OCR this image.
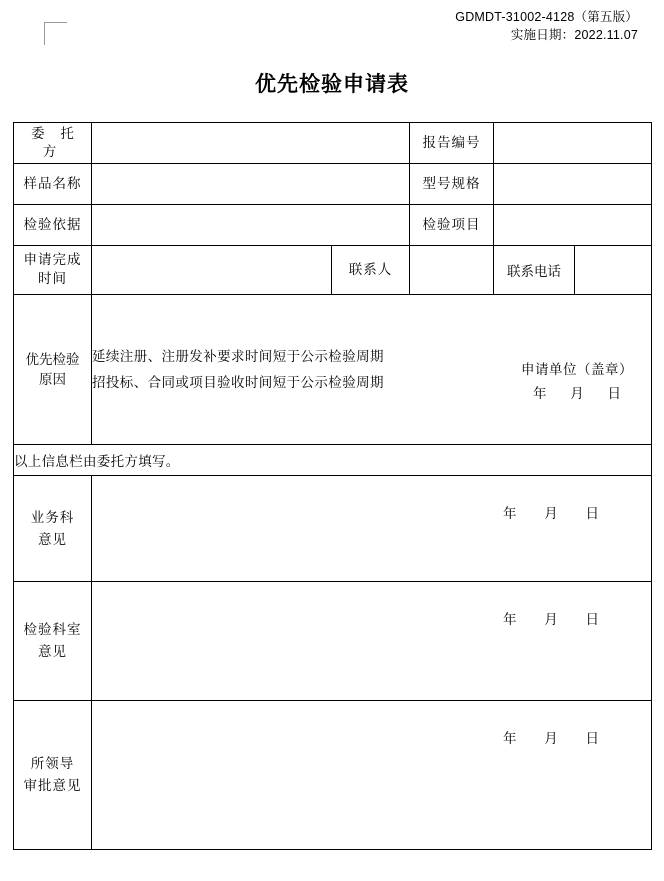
GDMDT-31002-4128（第五版）
实施日期：2022.11.07
优先检验申请表
委 托 方			报告编号	
样品名称			型号规格	
检验依据			检验项目	

申请完成
时间		联系人		联系电话

优先检验
原因

延续注册、注册发补要求时间短于公示检验周期
招投标、合同或项目验收时间短于公示检验周期
申请单位（盖章）
年 月 日

以上信息栏由委托方填写。				

业务科
意见	年 月 日			

检验科室
意见	年 月 日			

所领导
审批意见	年 月 日			
